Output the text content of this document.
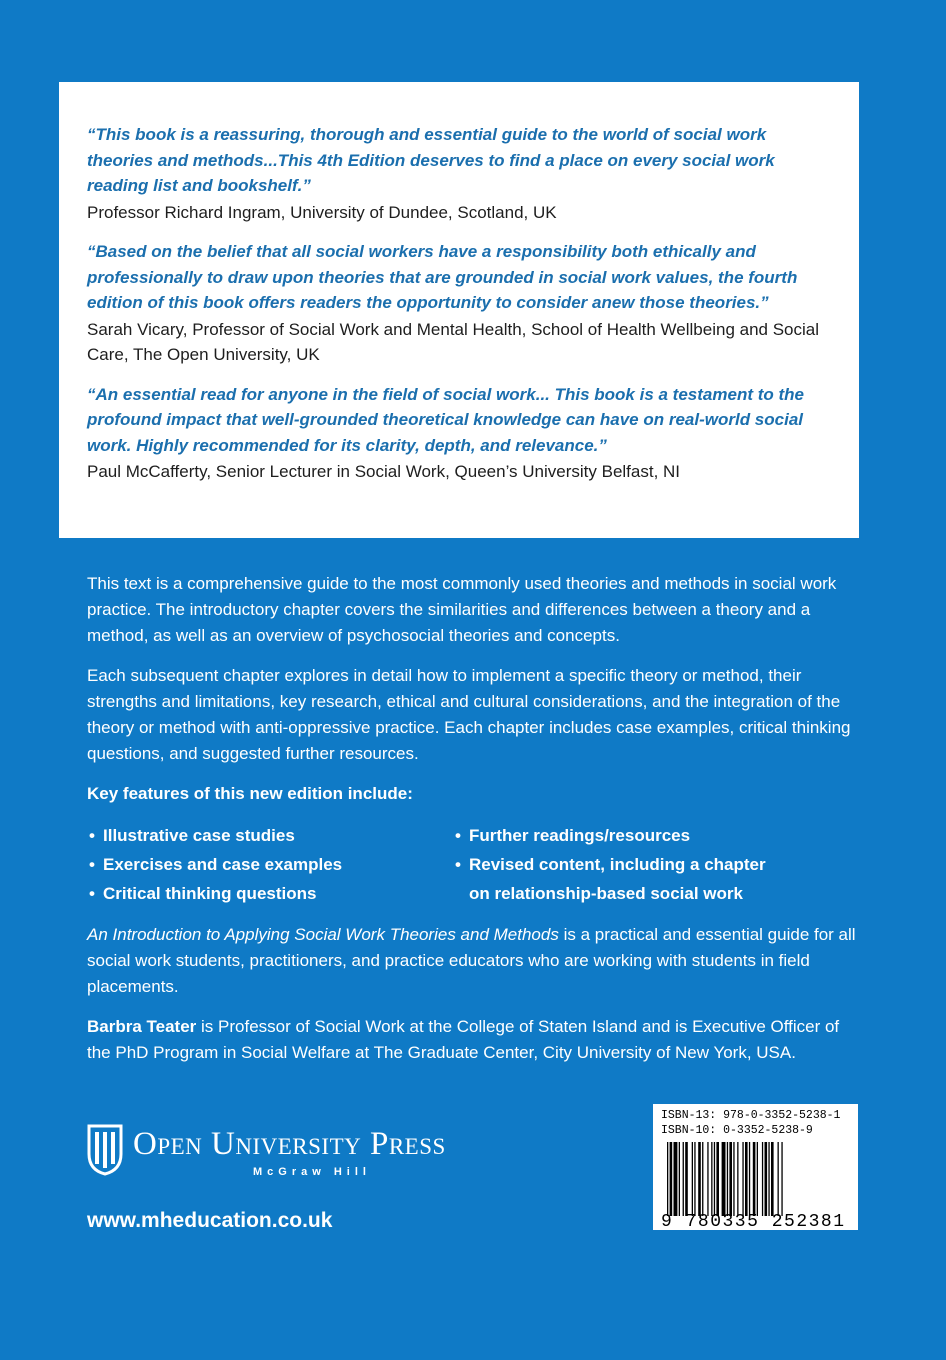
“This book is a reassuring, thorough and essential guide to the world of social work theories and methods...This 4th Edition deserves to find a place on every social work reading list and bookshelf.”

Professor Richard Ingram, University of Dundee, Scotland, UK

“Based on the belief that all social workers have a responsibility both ethically and professionally to draw upon theories that are grounded in social work values, the fourth edition of this book offers readers the opportunity to consider anew those theories.”

Sarah Vicary, Professor of Social Work and Mental Health, School of Health Wellbeing and Social Care, The Open University, UK

“An essential read for anyone in the field of social work... This book is a testament to the profound impact that well-grounded theoretical knowledge can have on real-world social work. Highly recommended for its clarity, depth, and relevance.”

Paul McCafferty, Senior Lecturer in Social Work, Queen’s University Belfast, NI

This text is a comprehensive guide to the most commonly used theories and methods in social work practice. The introductory chapter covers the similarities and differences between a theory and a method, as well as an overview of psychosocial theories and concepts.

Each subsequent chapter explores in detail how to implement a specific theory or method, their strengths and limitations, key research, ethical and cultural considerations, and the integration of the theory or method with anti-oppressive practice. Each chapter includes case examples, critical thinking questions, and suggested further resources.

Key features of this new edition include:

• Illustrative case studies
• Exercises and case examples
• Critical thinking questions
• Further readings/resources
• Revised content, including a chapter
on relationship-based social work

An Introduction to Applying Social Work Theories and Methods is a practical and essential guide for all social work students, practitioners, and practice educators who are working with students in field placements.

Barbra Teater is Professor of Social Work at the College of Staten Island and is Executive Officer of the PhD Program in Social Welfare at The Graduate Center, City University of New York, USA.

Open University Press
McGraw Hill
www.mheducation.co.uk
ISBN-13: 978-0-3352-5238-1
ISBN-10: 0-3352-5238-9
9 780335 252381
